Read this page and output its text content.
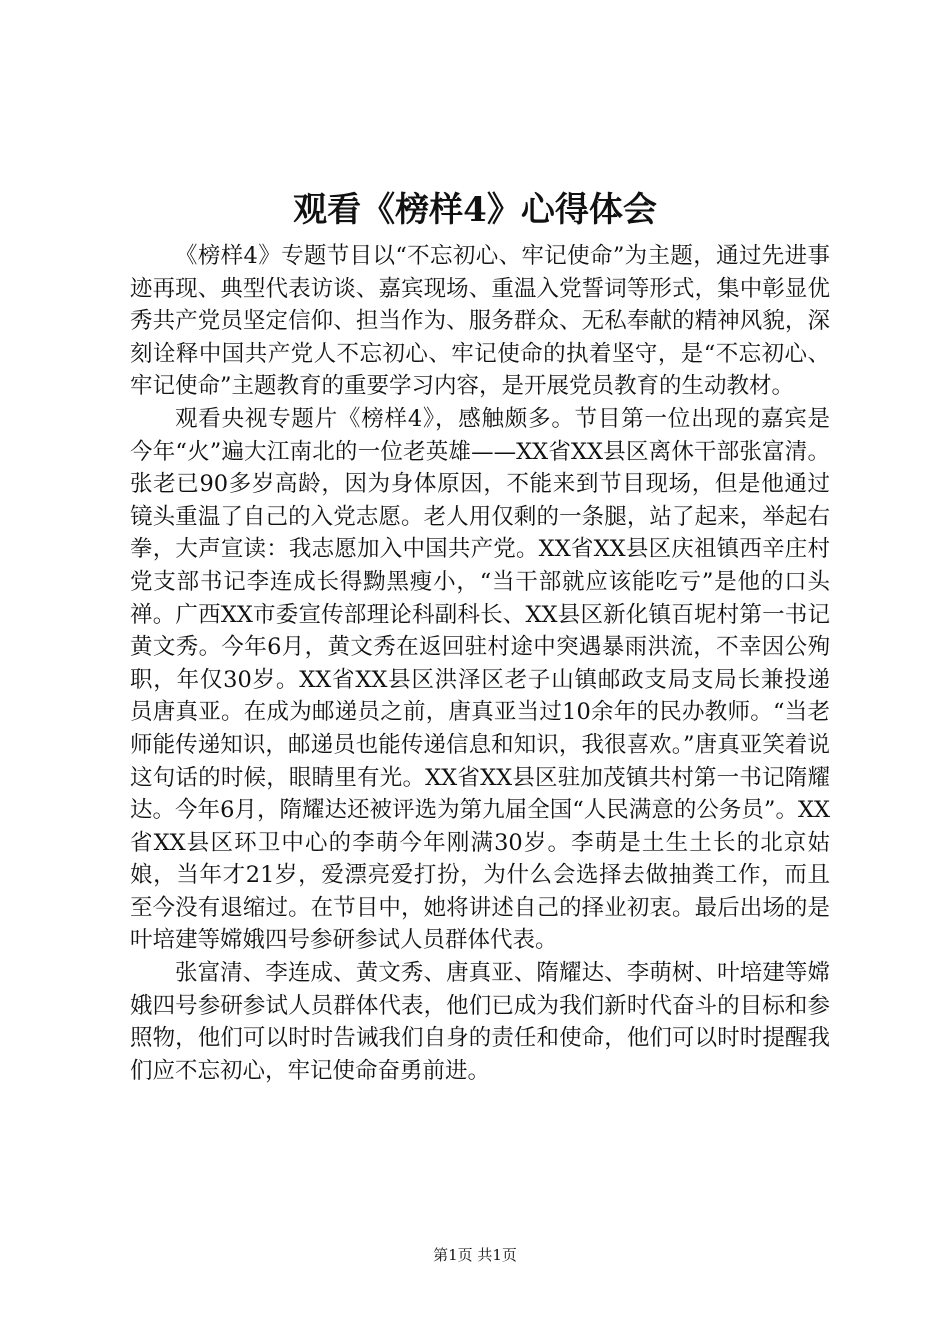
观看《榜样4》心得体会

《榜样4》专题节目以“不忘初心、牢记使命”为主题，通过先进事迹再现、典型代表访谈、嘉宾现场、重温入党誓词等形式，集中彰显优秀共产党员坚定信仰、担当作为、服务群众、无私奉献的精神风貌，深刻诠释中国共产党人不忘初心、牢记使命的执着坚守，是“不忘初心、牢记使命”主题教育的重要学习内容，是开展党员教育的生动教材。

观看央视专题片《榜样4》，感触颇多。节目第一位出现的嘉宾是今年“火”遍大江南北的一位老英雄——XX省XX县区离休干部张富清。张老已90多岁高龄，因为身体原因，不能来到节目现场，但是他通过镜头重温了自己的入党志愿。老人用仅剩的一条腿，站了起来，举起右拳，大声宣读：我志愿加入中国共产党。XX省XX县区庆祖镇西辛庄村党支部书记李连成长得黝黑瘦小，“当干部就应该能吃亏”是他的口头禅。广西XX市委宣传部理论科副科长、XX县区新化镇百坭村第一书记黄文秀。今年6月，黄文秀在返回驻村途中突遇暴雨洪流，不幸因公殉职，年仅30岁。XX省XX县区洪泽区老子山镇邮政支局支局长兼投递员唐真亚。在成为邮递员之前，唐真亚当过10余年的民办教师。“当老师能传递知识，邮递员也能传递信息和知识，我很喜欢。”唐真亚笑着说这句话的时候，眼睛里有光。XX省XX县区驻加茂镇共村第一书记隋耀达。今年6月，隋耀达还被评选为第九届全国“人民满意的公务员”。XX省XX县区环卫中心的李萌今年刚满30岁。李萌是土生土长的北京姑娘，当年才21岁，爱漂亮爱打扮，为什么会选择去做抽粪工作，而且至今没有退缩过。在节目中，她将讲述自己的择业初衷。最后出场的是叶培建等嫦娥四号参研参试人员群体代表。

张富清、李连成、黄文秀、唐真亚、隋耀达、李萌树、叶培建等嫦娥四号参研参试人员群体代表，他们已成为我们新时代奋斗的目标和参照物，他们可以时时告诫我们自身的责任和使命，他们可以时时提醒我们应不忘初心，牢记使命奋勇前进。

第1页 共1页
